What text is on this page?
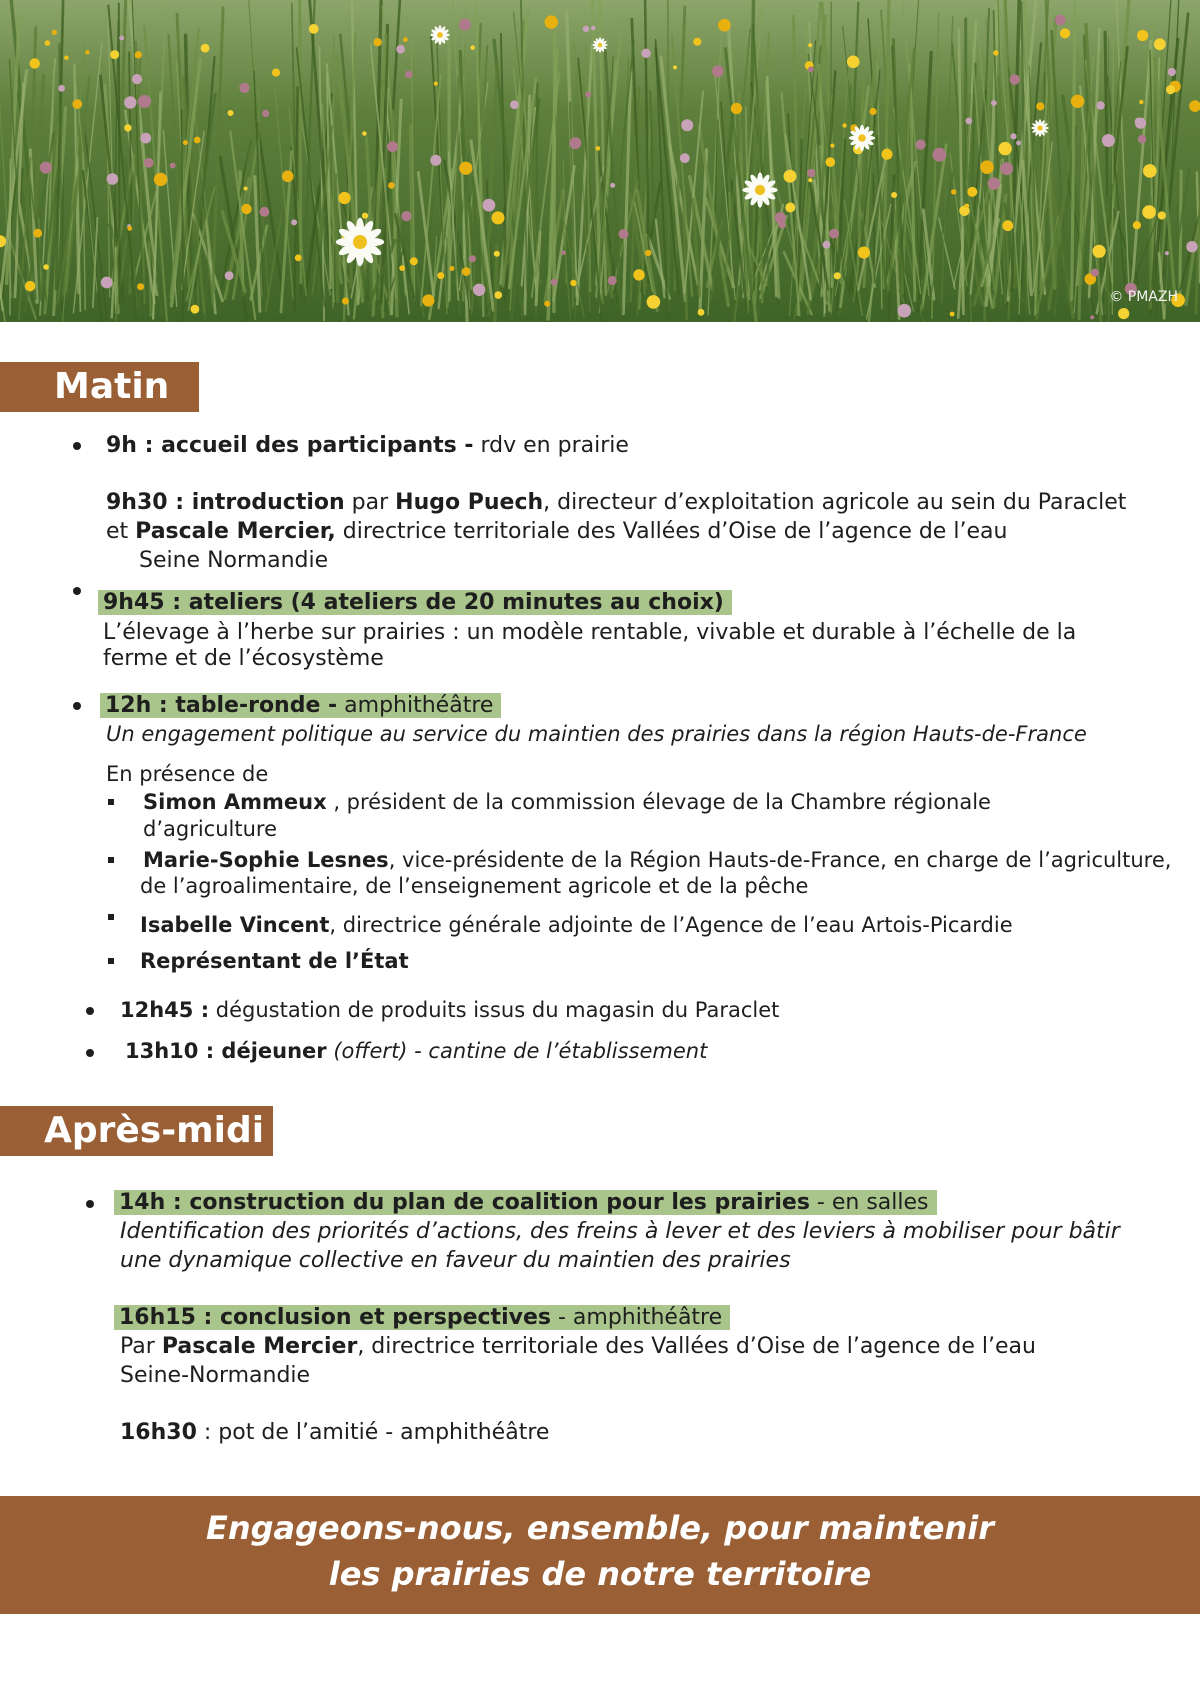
© PMAZH
Matin
9h : accueil des participants - rdv en prairie
9h30 : introduction par Hugo Puech, directeur d’exploitation agricole au sein du Paraclet
et Pascale Mercier, directrice territoriale des Vallées d’Oise de l’agence de l’eau
Seine Normandie
9h45 : ateliers (4 ateliers de 20 minutes au choix)
L’élevage à l’herbe sur prairies : un modèle rentable, vivable et durable à l’échelle de la
ferme et de l’écosystème
12h : table-ronde - amphithéâtre
Un engagement politique au service du maintien des prairies dans la région Hauts-de-France
En présence de
Simon Ammeux , président de la commission élevage de la Chambre régionale
d’agriculture
Marie-Sophie Lesnes, vice-présidente de la Région Hauts-de-France, en charge de l’agriculture,
de l’agroalimentaire, de l’enseignement agricole et de la pêche
Isabelle Vincent, directrice générale adjointe de l’Agence de l’eau Artois-Picardie
Représentant de l’État
12h45 : dégustation de produits issus du magasin du Paraclet
13h10 : déjeuner (offert) - cantine de l’établissement
Après-midi
14h : construction du plan de coalition pour les prairies - en salles
Identification des priorités d’actions, des freins à lever et des leviers à mobiliser pour bâtir
une dynamique collective en faveur du maintien des prairies
16h15 : conclusion et perspectives - amphithéâtre
Par Pascale Mercier, directrice territoriale des Vallées d’Oise de l’agence de l’eau
Seine-Normandie
16h30 : pot de l’amitié - amphithéâtre
Engageons-nous, ensemble, pour maintenir
les prairies de notre territoire
